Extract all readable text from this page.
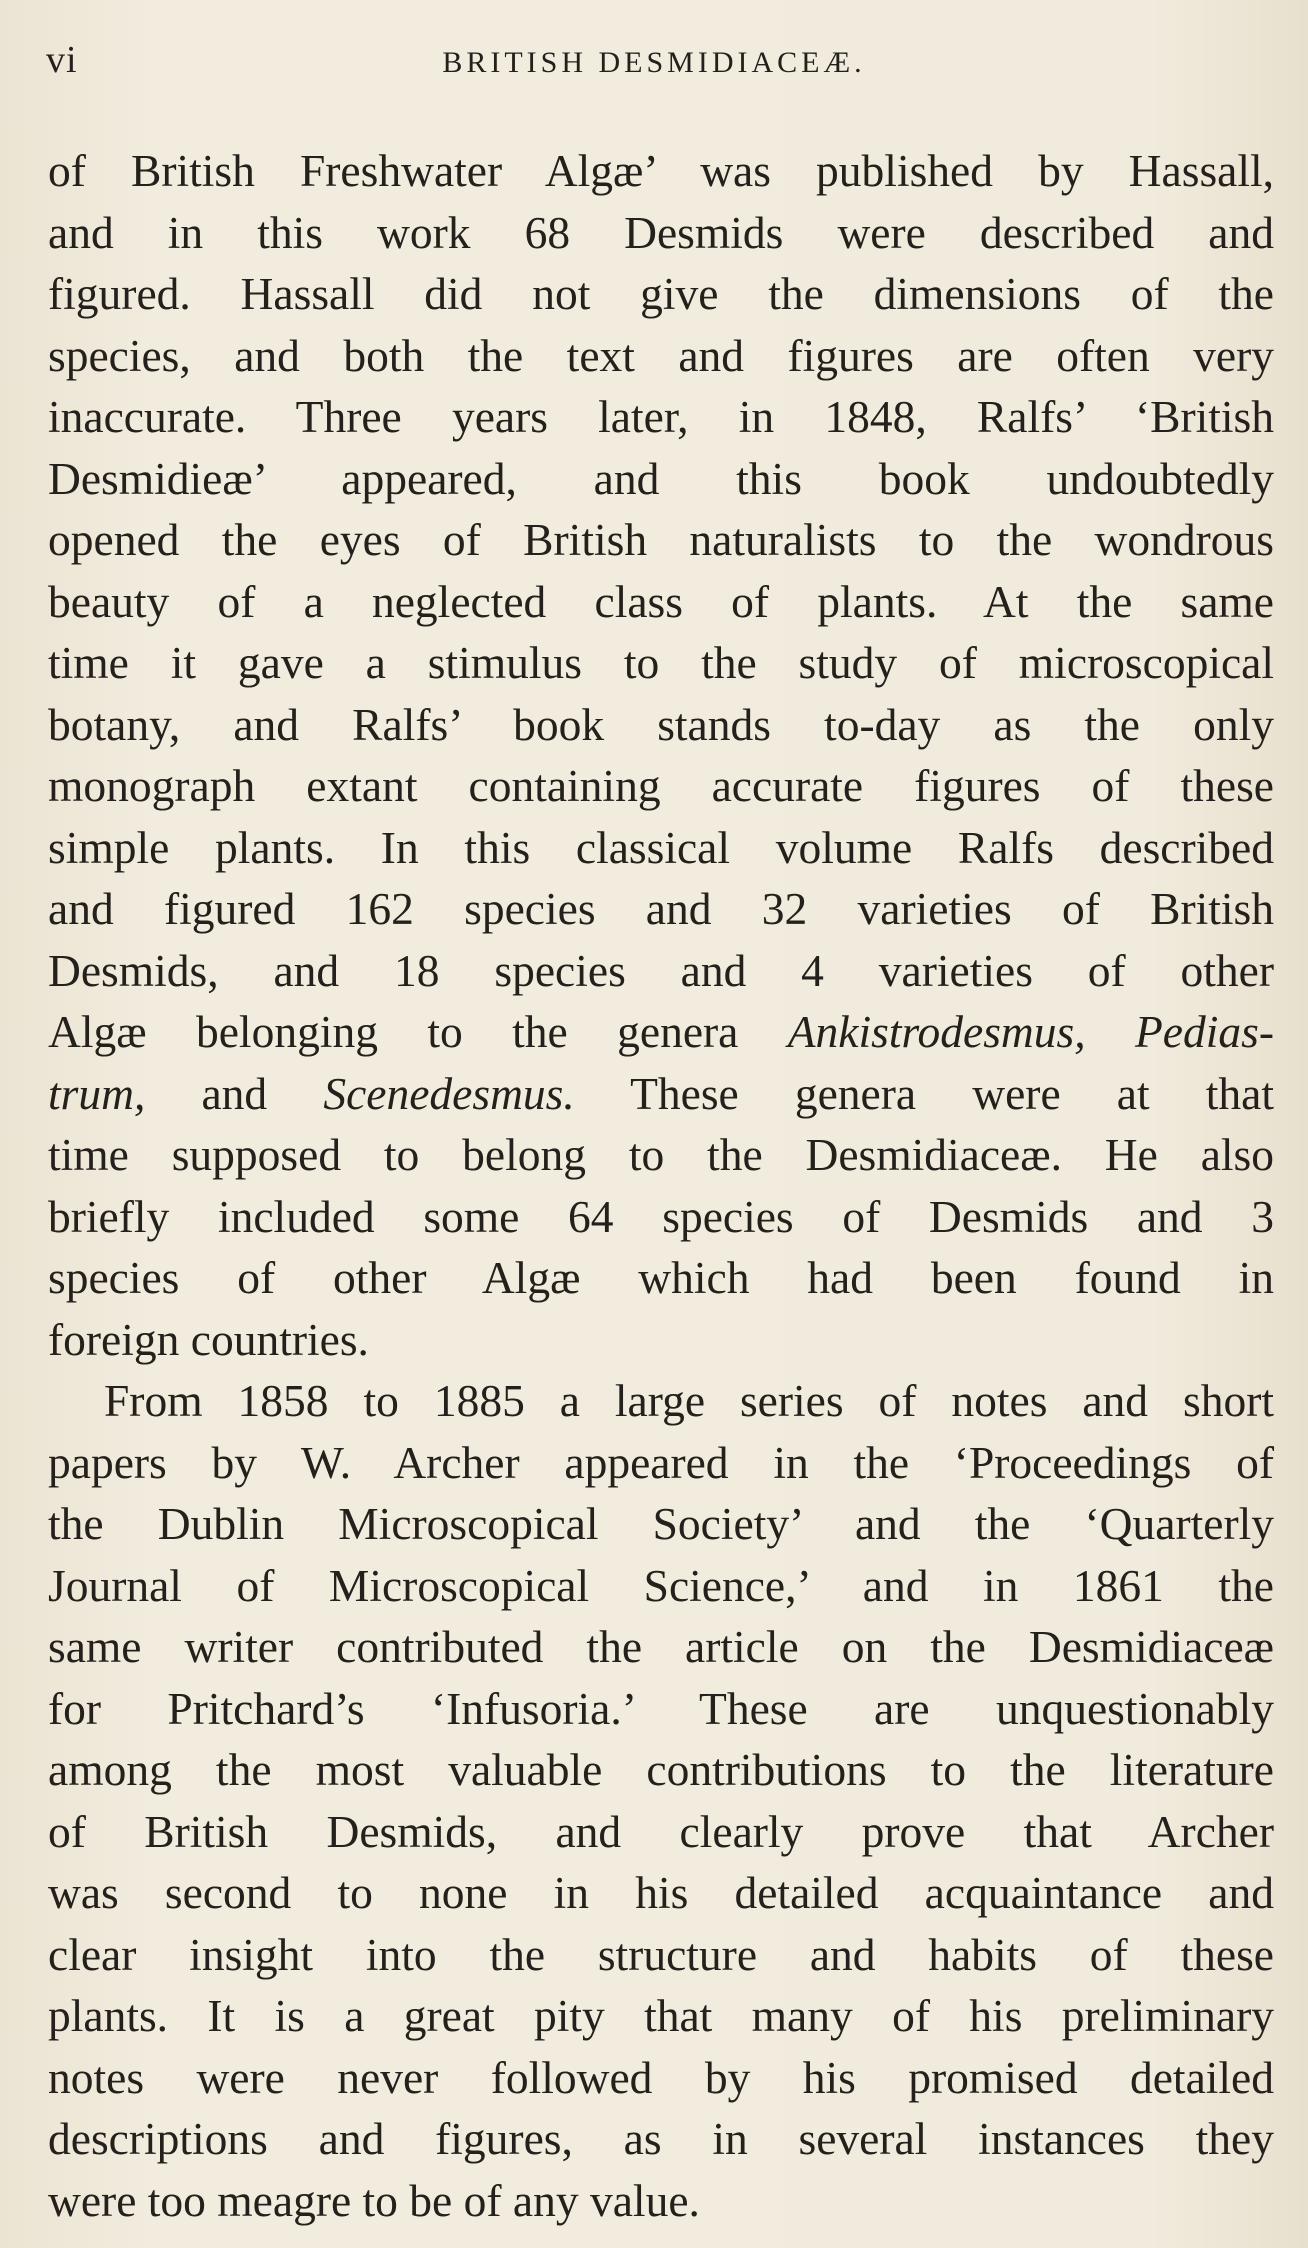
vi	BRITISH DESMIDIACEÆ.
of British Freshwater Algæ’ was published by Hassall,
and in this work 68 Desmids were described and
figured. Hassall did not give the dimensions of the
species, and both the text and figures are often very
inaccurate. Three years later, in 1848, Ralfs’ ‘British
Desmidieæ’ appeared, and this book undoubtedly
opened the eyes of British naturalists to the wondrous
beauty of a neglected class of plants. At the same
time it gave a stimulus to the study of microscopical
botany, and Ralfs’ book stands to-day as the only
monograph extant containing accurate figures of these
simple plants. In this classical volume Ralfs described
and figured 162 species and 32 varieties of British
Desmids, and 18 species and 4 varieties of other
Algæ belonging to the genera Ankistrodesmus, Pedias-
trum, and Scenedesmus. These genera were at that
time supposed to belong to the Desmidiaceæ. He also
briefly included some 64 species of Desmids and 3
species of other Algæ which had been found in
foreign countries.
From 1858 to 1885 a large series of notes and short
papers by W. Archer appeared in the ‘Proceedings of
the Dublin Microscopical Society’ and the ‘Quarterly
Journal of Microscopical Science,’ and in 1861 the
same writer contributed the article on the Desmidiaceæ
for Pritchard’s ‘Infusoria.’ These are unquestionably
among the most valuable contributions to the literature
of British Desmids, and clearly prove that Archer
was second to none in his detailed acquaintance and
clear insight into the structure and habits of these
plants. It is a great pity that many of his preliminary
notes were never followed by his promised detailed
descriptions and figures, as in several instances they
were too meagre to be of any value.
